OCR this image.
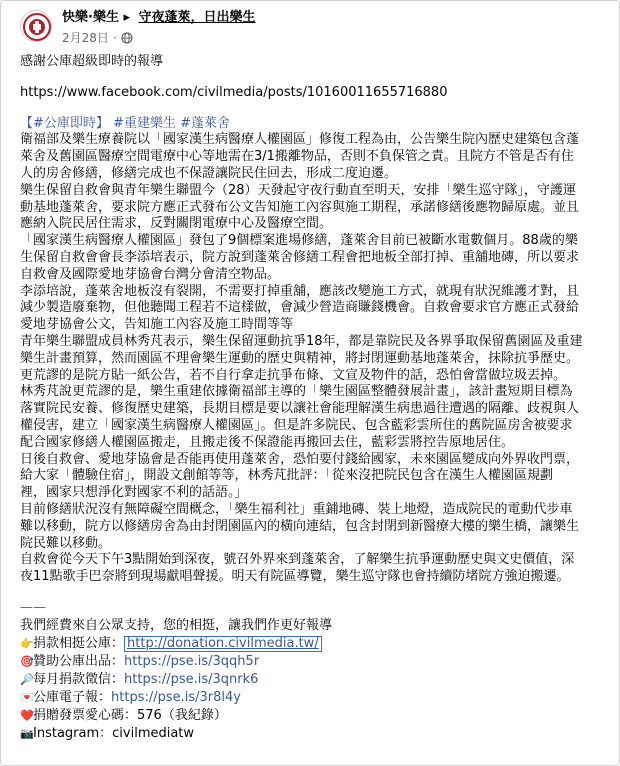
快樂·樂生 ▸ 守夜蓬萊，日出樂生
2月28日 ·
感謝公庫超級即時的報導
https://www.facebook.com/civilmedia/posts/10160011655716880
【#公庫即時】 #重建樂生 #蓬萊舍
衛福部及樂生療養院以「國家漢生病醫療人權園區」修復工程為由，公告樂生院內歷史建築包含蓬
萊舍及舊園區醫療空間電療中心等地需在3/1搬離物品，否則不負保管之責。且院方不管是否有住
人的房舍修繕，修繕完成也不保證讓院民住回去，形成二度迫遷。
樂生保留自救會與青年樂生聯盟今（28）天發起守夜行動直至明天，安排「樂生巡守隊」，守護運
動基地蓬萊舍，要求院方應正式發布公文告知施工內容與施工期程，承諾修繕後應物歸原處。並且
應納入院民居住需求，反對關閉電療中心及醫療空間。
「國家漢生病醫療人權園區」發包了9個標案進場修繕，蓬萊舍目前已被斷水電數個月。88歲的樂
生保留自救會會長李添培表示，院方說到蓬萊舍修繕工程會把地板全部打掉、重舖地磚，所以要求
自救會及國際愛地芽協會台灣分會清空物品。
李添培說，蓬萊舍地板沒有裂開，不需要打掉重舖，應該改變施工方式，就現有狀況維護才對，且
減少製造廢棄物，但他聽聞工程若不這樣做，會減少營造商賺錢機會。自救會要求官方應正式發給
愛地芽協會公文，告知施工內容及施工時間等等
青年樂生聯盟成員林秀芃表示，樂生保留運動抗爭18年，都是靠院民及各界爭取保留舊園區及重建
樂生計畫預算，然而園區不理會樂生運動的歷史與精神，將封閉運動基地蓬萊舍，抹除抗爭歷史。
更荒謬的是院方貼一紙公告，若不自行拿走抗爭布條、文宣及物件的話，恐怕會當做垃圾丟掉。
林秀芃說更荒謬的是，樂生重建依據衛福部主導的「樂生園區整體發展計畫」，該計畫短期目標為
落實院民安養、修復歷史建築，長期目標是要以讓社會能理解漢生病患過往遭遇的隔離、歧視與人
權侵害，建立「國家漢生病醫療人權園區」。但是許多院民、包含藍彩雲所住的舊院區房舍被要求
配合國家修繕人權園區搬走，且搬走後不保證能再搬回去住，藍彩雲將控告原地居住。
日後自救會、愛地芽協會是否能再使用蓬萊舍，恐怕要付錢給國家，未來園區變成向外界收門票，
給大家「體驗住宿」，開設文創館等等，林秀芃批評：「從來沒把院民包含在漢生人權園區規劃
裡，國家只想淨化對國家不利的話語。」
目前修繕狀況沒有無障礙空間概念，「樂生福利社」重鋪地磚、裝上地燈，造成院民的電動代步車
難以移動，院方以修繕房舍為由封閉園區內的橫向連結，包含封閉到新醫療大樓的樂生橋，讓樂生
院民難以移動。
自救會從今天下午3點開始到深夜，號召外界來到蓬萊舍，了解樂生抗爭運動歷史與文史價值，深
夜11點歌手巴奈將到現場獻唱聲援。明天有院區導覽，樂生巡守隊也會持續防堵院方強迫搬遷。
——
我們經費來自公眾支持，您的相挺，讓我們作更好報導
👉捐款相挺公庫： http://donation.civilmedia.tw/
🎯贊助公庫出品：https://pse.is/3qqh5r
🔎每月捐款徵信：https://pse.is/3qnrk6
💌公庫電子報：https://pse.is/3r8l4y
❤️捐贈發票愛心碼：576（我紀錄）
📷Instagram：civilmediatw
